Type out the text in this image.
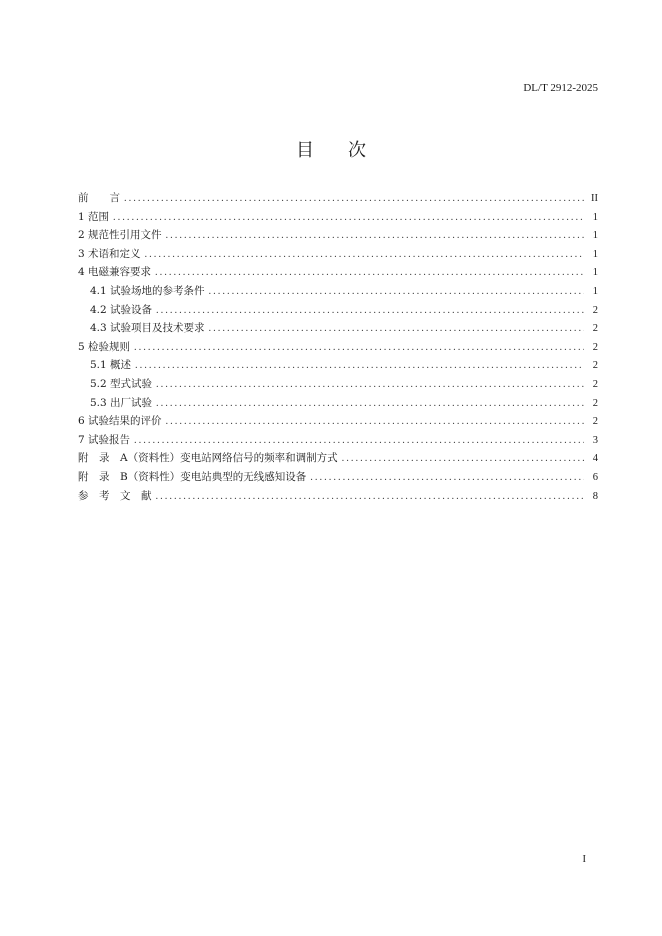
DL/T 2912-2025
目 次
前　　言 .....	II
1 范围 .....	1
2 规范性引用文件 .....	1
3 术语和定义 .....	1
4 电磁兼容要求 .....	1
4.1 试验场地的参考条件 .....	1
4.2 试验设备 .....	2
4.3 试验项目及技术要求 .....	2
5 检验规则 .....	2
5.1 概述 .....	2
5.2 型式试验 .....	2
5.3 出厂试验 .....	2
6 试验结果的评价 .....	2
7 试验报告 .....	3
附　录　A（资料性）变电站网络信号的频率和调制方式 .....	4
附　录　B（资料性）变电站典型的无线感知设备 .....	6
参　考　文　献 .....	8
I
